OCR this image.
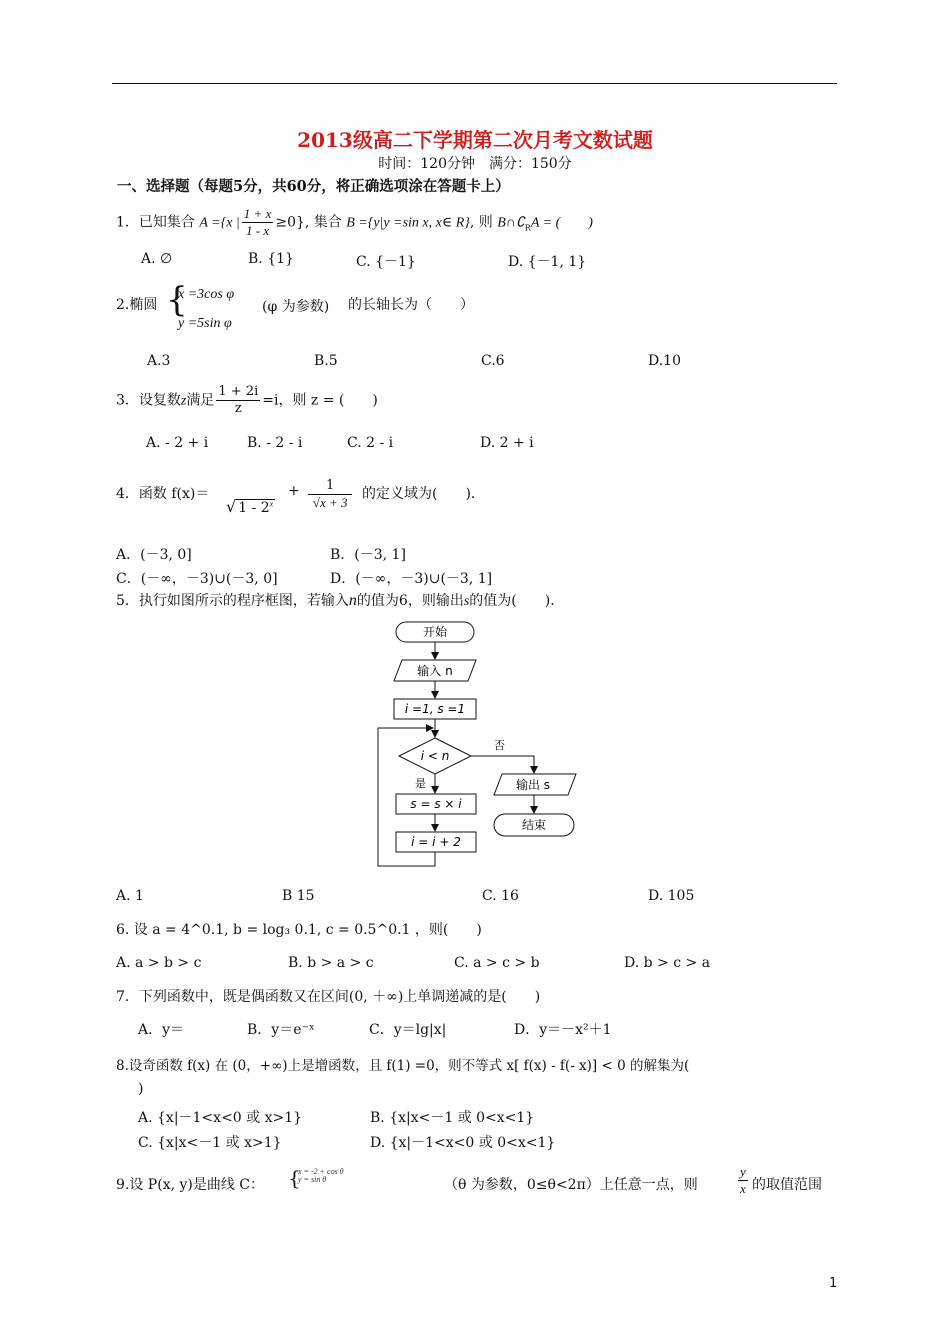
2013级高二下学期第二次月考文数试题
时间：120分钟　满分：150分
一、选择题（每题5分，共60分，将正确选项涂在答题卡上）
1．已知集合 A ={x | $\frac{1 + x}{1 - x} \ge 0$}, 集合 B ={y|y =sin x, x∈ R}, 则 $B\cap∁_RA$ = (　　)
A. ∅	B. {1}	C. {－1}	D. {－1, 1}
2.椭圆 {
x =3cos φ
y =5sin φ
(φ 为参数) 的长轴长为（　　）
A.3	B.5	C.6	D.10
3．设复数z满足 $\frac{1 + 2i}{z} =i$，则 z = (　　)
A. - 2 + i	B. - 2 - i	C. 2 - i	D. 2 + i
4．函数 f(x)＝
√ $1 - 2^x$
+ $\frac{1}{√x + 3}$ 的定义域为(　　)．
A．(－3, 0]	B．(－3, 1]
C．(－∞，－3)∪(－3, 0]	D．(－∞，－3)∪(－3, 1]
5．执行如图所示的程序框图，若输入n的值为6，则输出s的值为(　　)．
开始
输入 n
i =1, s =1
i < n
否
输出 s
结束
是
s = s × i
i = i + 2
A. 1	B 15	C. 16	D. 105
6. 设 a = 4^0.1, b = log₃ 0.1, c = 0.5^0.1 ，则(　　)
A. a > b > c	B. b > a > c	C. a > c > b	D. b > c > a
7．下列函数中，既是偶函数又在区间(0, ＋∞)上单调递减的是(　　)
A．y＝	B．y＝e⁻ˣ	C．y＝lg|x|	D．y＝－x²＋1
8.设奇函数 f(x) 在 (0，+∞)上是增函数，且 f(1) =0，则不等式 x[ f(x) - f(- x)] < 0 的解集为(
)
A. {x|－1<x<0 或 x>1}	B. {x|x<－1 或 0<x<1}
C. {x|x<－1 或 x>1}	D. {x|－1<x<0 或 0<x<1}
9.设 P(x, y)是曲线 C： {
x = -2 + cos θ
y = sin θ	（θ 为参数，0≤θ<2π）上任意一点，则	$\frac{y}{x}$ 的取值范围
1
